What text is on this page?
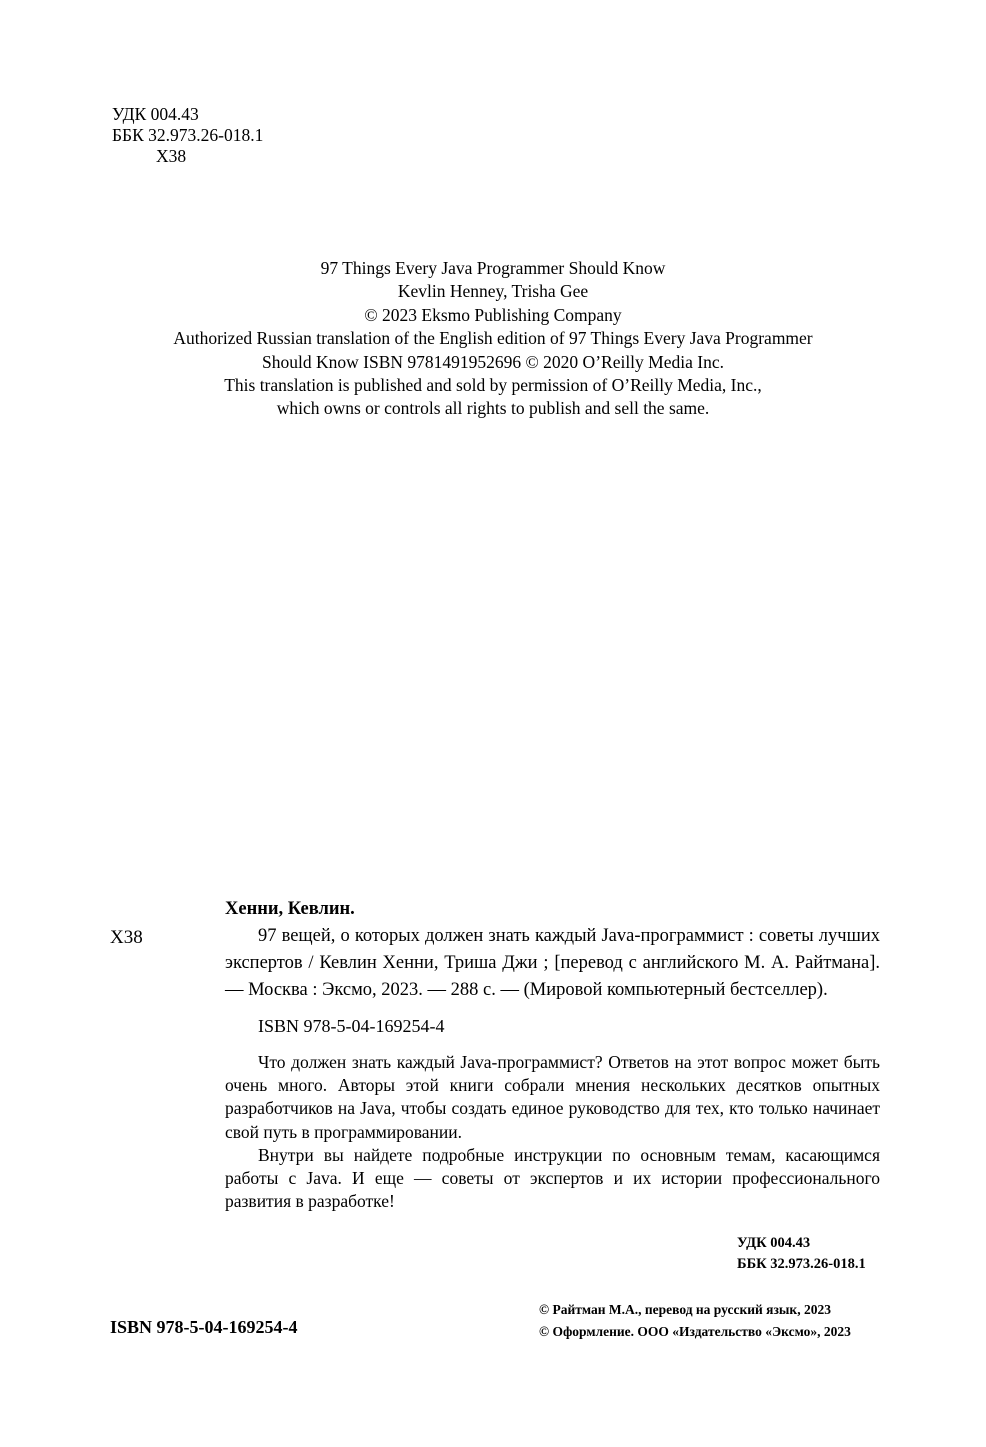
УДК 004.43
ББК 32.973.26-018.1
Х38
97 Things Every Java Programmer Should Know
Kevlin Henney, Trisha Gee
© 2023 Eksmo Publishing Company
Authorized Russian translation of the English edition of 97 Things Every Java Programmer
Should Know ISBN 9781491952696 © 2020 O’Reilly Media Inc.
This translation is published and sold by permission of O’Reilly Media, Inc.,
which owns or controls all rights to publish and sell the same.
Х38
Хенни, Кевлин.
97 вещей, о которых должен знать каждый Java-программист : советы лучших экспертов / Кевлин Хенни, Триша Джи ; [перевод с английского М. А. Райтмана]. — Москва : Эксмо, 2023. — 288 с. — (Мировой компьютерный бестселлер).
ISBN 978-5-04-169254-4
Что должен знать каждый Java-программист? Ответов на этот вопрос может быть очень много. Авторы этой книги собрали мнения нескольких десятков опытных разработчиков на Java, чтобы создать единое руководство для тех, кто только начинает свой путь в программировании.
Внутри вы найдете подробные инструкции по основным темам, касающимся работы с Java. И еще — советы от экспертов и их истории профессионального развития в разработке!
УДК 004.43
ББК 32.973.26-018.1
ISBN 978-5-04-169254-4
© Райтман М.А., перевод на русский язык, 2023
© Оформление. ООО «Издательство «Эксмо», 2023
